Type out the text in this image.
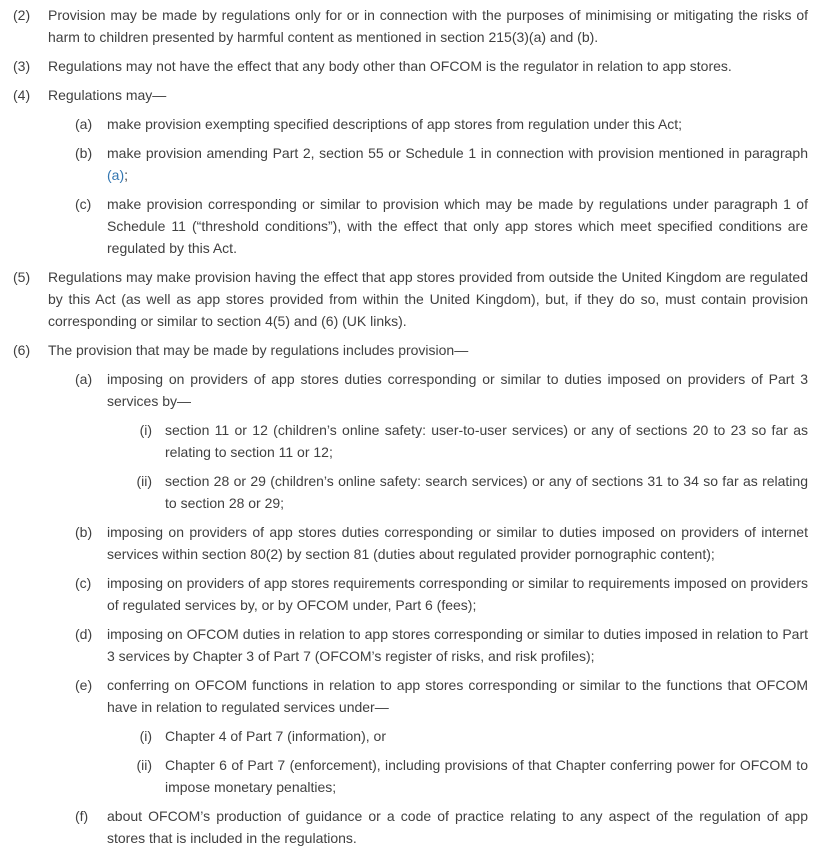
(2)	Provision may be made by regulations only for or in connection with the purposes of minimising or mitigating the risks of harm to children presented by harmful content as mentioned in section 215(3)(a) and (b).
(3)	Regulations may not have the effect that any body other than OFCOM is the regulator in relation to app stores.
(4)	Regulations may—
(a)	make provision exempting specified descriptions of app stores from regulation under this Act;
(b)	make provision amending Part 2, section 55 or Schedule 1 in connection with provision mentioned in paragraph (a);
(c)	make provision corresponding or similar to provision which may be made by regulations under paragraph 1 of Schedule 11 (“threshold conditions”), with the effect that only app stores which meet specified conditions are regulated by this Act.
(5)	Regulations may make provision having the effect that app stores provided from outside the United Kingdom are regulated by this Act (as well as app stores provided from within the United Kingdom), but, if they do so, must contain provision corresponding or similar to section 4(5) and (6) (UK links).
(6)	The provision that may be made by regulations includes provision—
(a)	imposing on providers of app stores duties corresponding or similar to duties imposed on providers of Part 3 services by—
(i) section 11 or 12 (children’s online safety: user-to-user services) or any of sections 20 to 23 so far as relating to section 11 or 12;
(ii) section 28 or 29 (children’s online safety: search services) or any of sections 31 to 34 so far as relating to section 28 or 29;
(b)	imposing on providers of app stores duties corresponding or similar to duties imposed on providers of internet services within section 80(2) by section 81 (duties about regulated provider pornographic content);
(c)	imposing on providers of app stores requirements corresponding or similar to requirements imposed on providers of regulated services by, or by OFCOM under, Part 6 (fees);
(d)	imposing on OFCOM duties in relation to app stores corresponding or similar to duties imposed in relation to Part 3 services by Chapter 3 of Part 7 (OFCOM’s register of risks, and risk profiles);
(e)	conferring on OFCOM functions in relation to app stores corresponding or similar to the functions that OFCOM have in relation to regulated services under—
(i) Chapter 4 of Part 7 (information), or
(ii) Chapter 6 of Part 7 (enforcement), including provisions of that Chapter conferring power for OFCOM to impose monetary penalties;
(f)	about OFCOM’s production of guidance or a code of practice relating to any aspect of the regulation of app stores that is included in the regulations.
